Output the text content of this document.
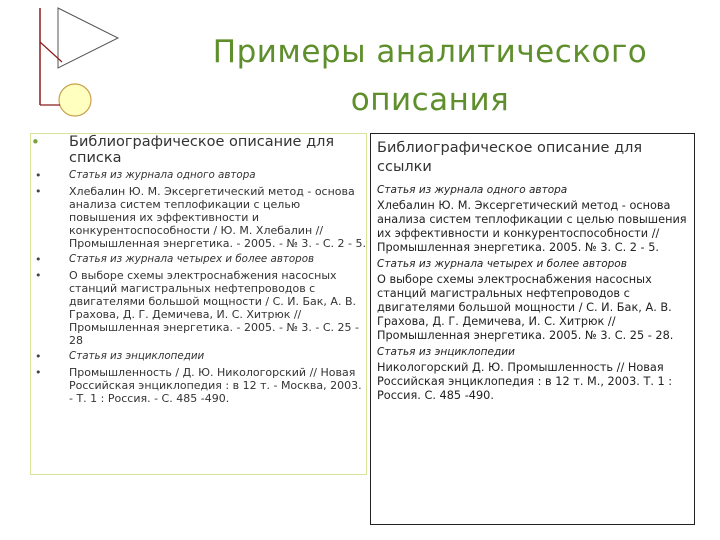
Примеры аналитического описания
• Библиографическое описание для списка
•	Статья из журнала одного автора
•	Хлебалин Ю. М. Эксергетический метод - основа анализа систем теплофикации с целью повышения их эффективности и конкурентоспособности / Ю. М. Хлебалин // Промышленная энергетика. - 2005. - № 3. - С. 2 - 5.
•	Статья из журнала четырех и более авторов
•	О выборе схемы электроснабжения насосных станций магистральных нефтепроводов с двигателями большой мощности / С. И. Бак, А. В. Грахова, Д. Г. Демичева, И. С. Хитрюк // Промышленная энергетика. - 2005. - № 3. - С. 25 - 28
•	Статья из энциклопедии
•	Промышленность / Д. Ю. Никологорский // Новая Российская энциклопедия : в 12 т. - Москва, 2003. - Т. 1 : Россия. - С. 485 -490.
Библиографическое описание для ссылки
Статья из журнала одного автора
Хлебалин Ю. М. Эксергетический метод - основа анализа систем теплофикации с целью повышения их эффективности и конкурентоспособности // Промышленная энергетика. 2005. № 3. С. 2 - 5.
Статья из журнала четырех и более авторов
О выборе схемы электроснабжения насосных станций магистральных нефтепроводов с двигателями большой мощности / С. И. Бак, А. В. Грахова, Д. Г. Демичева, И. С. Хитрюк // Промышленная энергетика. 2005. № 3. С. 25 - 28.
Статья из энциклопедии
Никологорский Д. Ю. Промышленность // Новая Российская энциклопедия : в 12 т. М., 2003. Т. 1 : Россия. С. 485 -490.
